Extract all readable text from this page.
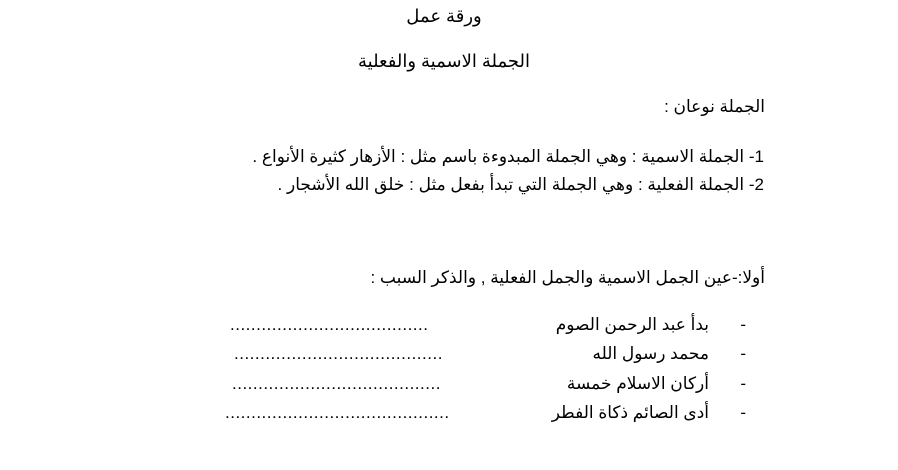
ورقة عمل
الجملة الاسمية والفعلية
الجملة نوعان :
1- الجملة الاسمية : وهي الجملة المبدوءة باسم مثل : الأزهار كثيرة الأنواع .
2- الجملة الفعلية : وهي الجملة التي تبدأ بفعل مثل : خلق الله الأشجار .
أولا:-عين الجمل الاسمية والجمل الفعلية , والذكر السبب :
-
بدأ عبد الرحمن الصوم
......................................
-
محمد رسول الله
........................................
-
أركان الاسلام خمسة
........................................
-
أدى الصائم ذكاة الفطر
...........................................
